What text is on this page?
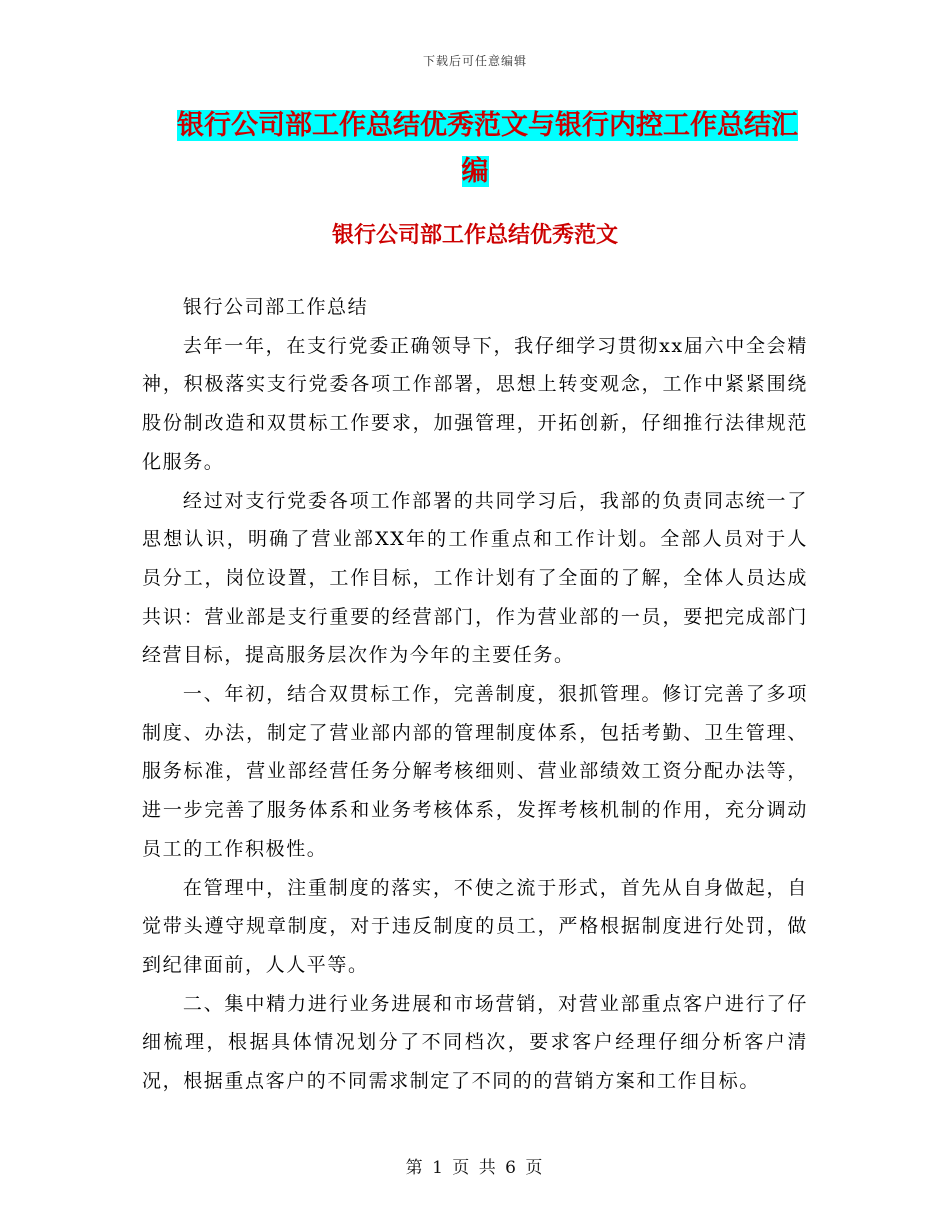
下载后可任意编辑
银行公司部工作总结优秀范文与银行内控工作总结汇
编
银行公司部工作总结优秀范文

银行公司部工作总结

去年一年，在支行党委正确领导下，我仔细学习贯彻xx届六中全会精神，积极落实支行党委各项工作部署，思想上转变观念，工作中紧紧围绕股份制改造和双贯标工作要求，加强管理，开拓创新，仔细推行法律规范化服务。

经过对支行党委各项工作部署的共同学习后，我部的负责同志统一了思想认识，明确了营业部XX年的工作重点和工作计划。全部人员对于人员分工，岗位设置，工作目标，工作计划有了全面的了解，全体人员达成共识：营业部是支行重要的经营部门，作为营业部的一员，要把完成部门经营目标，提高服务层次作为今年的主要任务。

一、年初，结合双贯标工作，完善制度，狠抓管理。修订完善了多项制度、办法，制定了营业部内部的管理制度体系，包括考勤、卫生管理、服务标准，营业部经营任务分解考核细则、营业部绩效工资分配办法等，进一步完善了服务体系和业务考核体系，发挥考核机制的作用，充分调动员工的工作积极性。

在管理中，注重制度的落实，不使之流于形式，首先从自身做起，自觉带头遵守规章制度，对于违反制度的员工，严格根据制度进行处罚，做到纪律面前，人人平等。

二、集中精力进行业务进展和市场营销，对营业部重点客户进行了仔细梳理，根据具体情况划分了不同档次，要求客户经理仔细分析客户清况，根据重点客户的不同需求制定了不同的的营销方案和工作目标。

第 1 页 共 6 页
